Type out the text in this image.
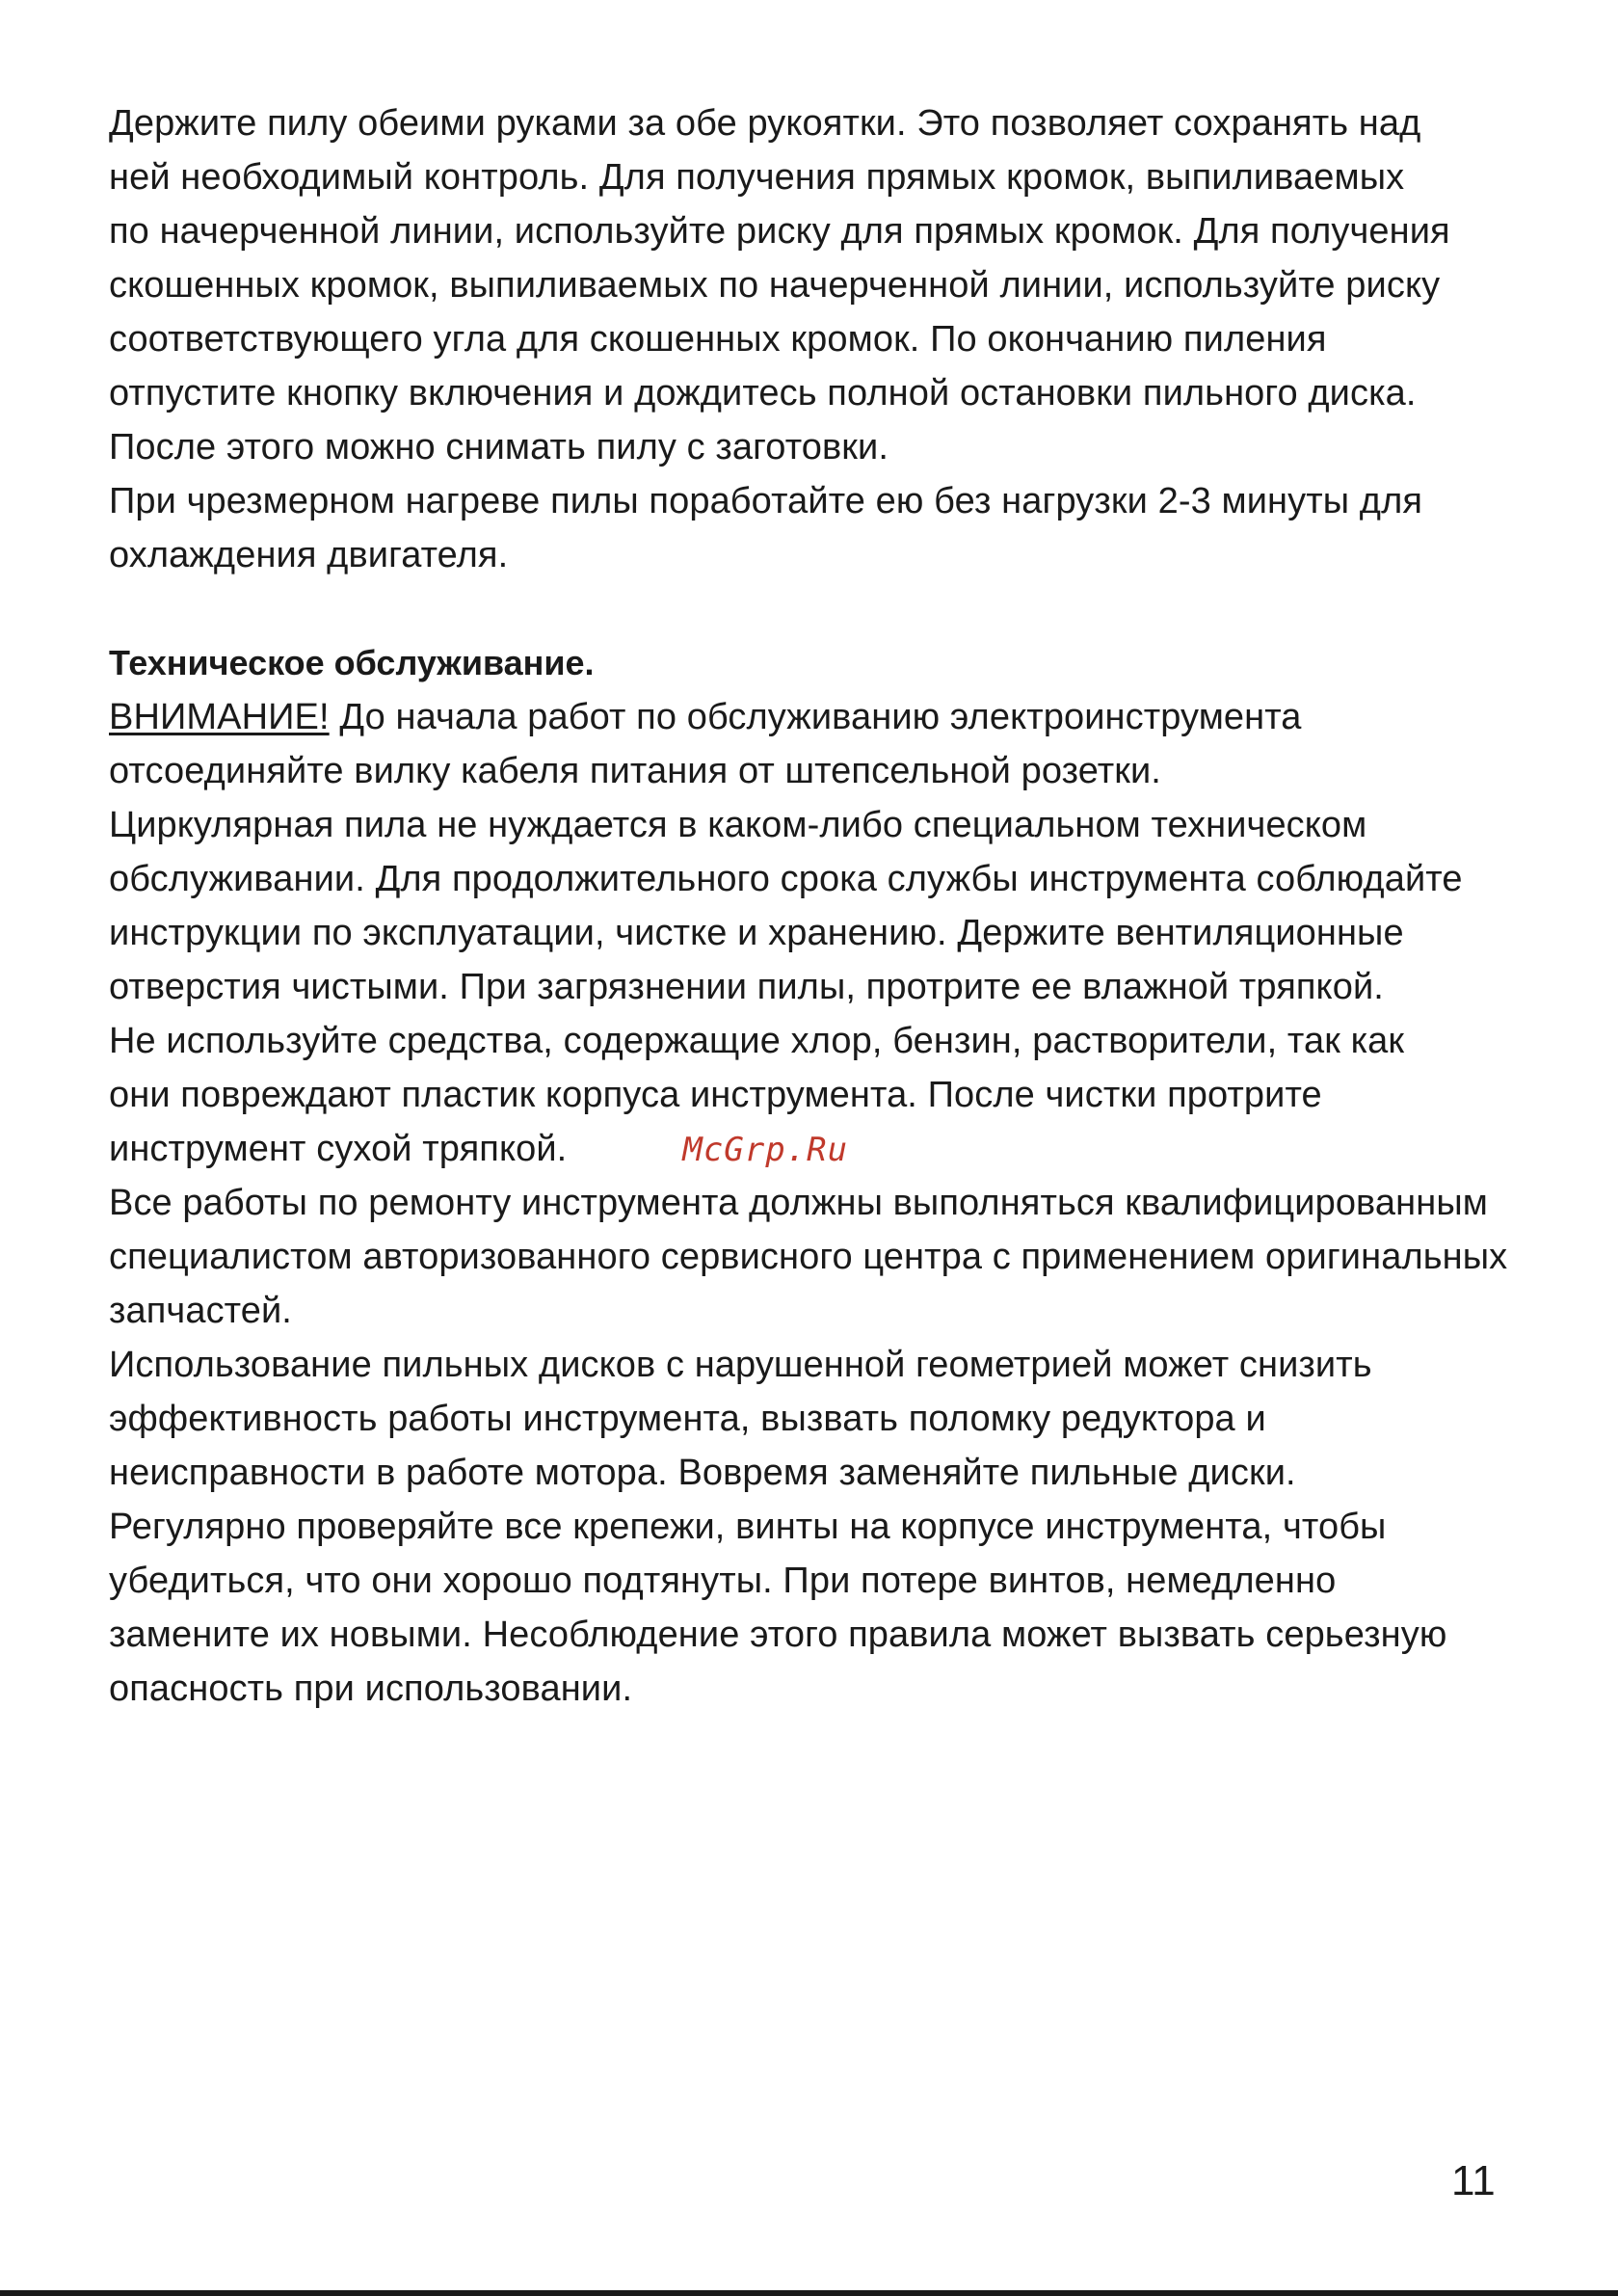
Держите пилу обеими руками за обе рукоятки. Это позволяет сохранять над
ней необходимый контроль. Для получения прямых кромок, выпиливаемых
по начерченной линии, используйте риску для прямых кромок. Для получения
скошенных кромок, выпиливаемых по начерченной линии, используйте риску
соответствующего угла для скошенных кромок. По окончанию пиления
отпустите кнопку включения и дождитесь полной остановки пильного диска.
После этого можно снимать пилу с заготовки.
При чрезмерном нагреве пилы поработайте ею без нагрузки 2-3 минуты для
охлаждения двигателя.
Техническое обслуживание.
ВНИМАНИЕ! До начала работ по обслуживанию электроинструмента
отсоединяйте вилку кабеля питания от штепсельной розетки.
Циркулярная пила не нуждается в каком-либо специальном техническом
обслуживании. Для продолжительного срока службы инструмента соблюдайте
инструкции по эксплуатации, чистке и хранению. Держите вентиляционные
отверстия чистыми. При загрязнении пилы, протрите ее влажной тряпкой.
Не используйте средства, содержащие хлор, бензин, растворители, так как
они повреждают пластик корпуса инструмента. После чистки протрите
инструмент сухой тряпкой.	McGrp.Ru
Все работы по ремонту инструмента должны выполняться квалифицированным
специалистом авторизованного сервисного центра с применением оригинальных
запчастей.
Использование пильных дисков с нарушенной геометрией может снизить
эффективность работы инструмента, вызвать поломку редуктора и
неисправности в работе мотора. Вовремя заменяйте пильные диски.
Регулярно проверяйте все крепежи, винты на корпусе инструмента, чтобы
убедиться, что они хорошо подтянуты. При потере винтов, немедленно
замените их новыми. Несоблюдение этого правила может вызвать серьезную
опасность при использовании.
11
